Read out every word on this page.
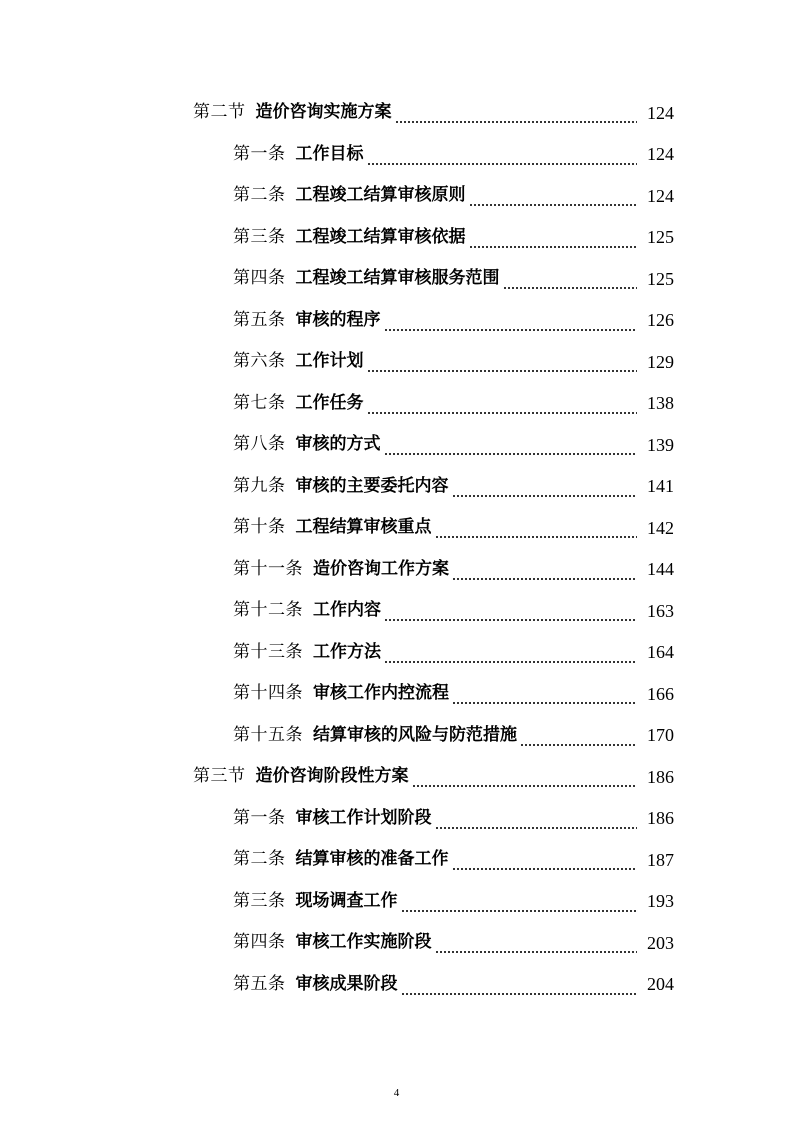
第二节 造价咨询实施方案	124
第一条 工作目标	124
第二条 工程竣工结算审核原则	124
第三条 工程竣工结算审核依据	125
第四条 工程竣工结算审核服务范围	125
第五条 审核的程序	126
第六条 工作计划	129
第七条 工作任务	138
第八条 审核的方式	139
第九条 审核的主要委托内容	141
第十条 工程结算审核重点	142
第十一条 造价咨询工作方案	144
第十二条 工作内容	163
第十三条 工作方法	164
第十四条 审核工作内控流程	166
第十五条 结算审核的风险与防范措施	170
第三节 造价咨询阶段性方案	186
第一条 审核工作计划阶段	186
第二条 结算审核的准备工作	187
第三条 现场调查工作	193
第四条 审核工作实施阶段	203
第五条 审核成果阶段	204
4
